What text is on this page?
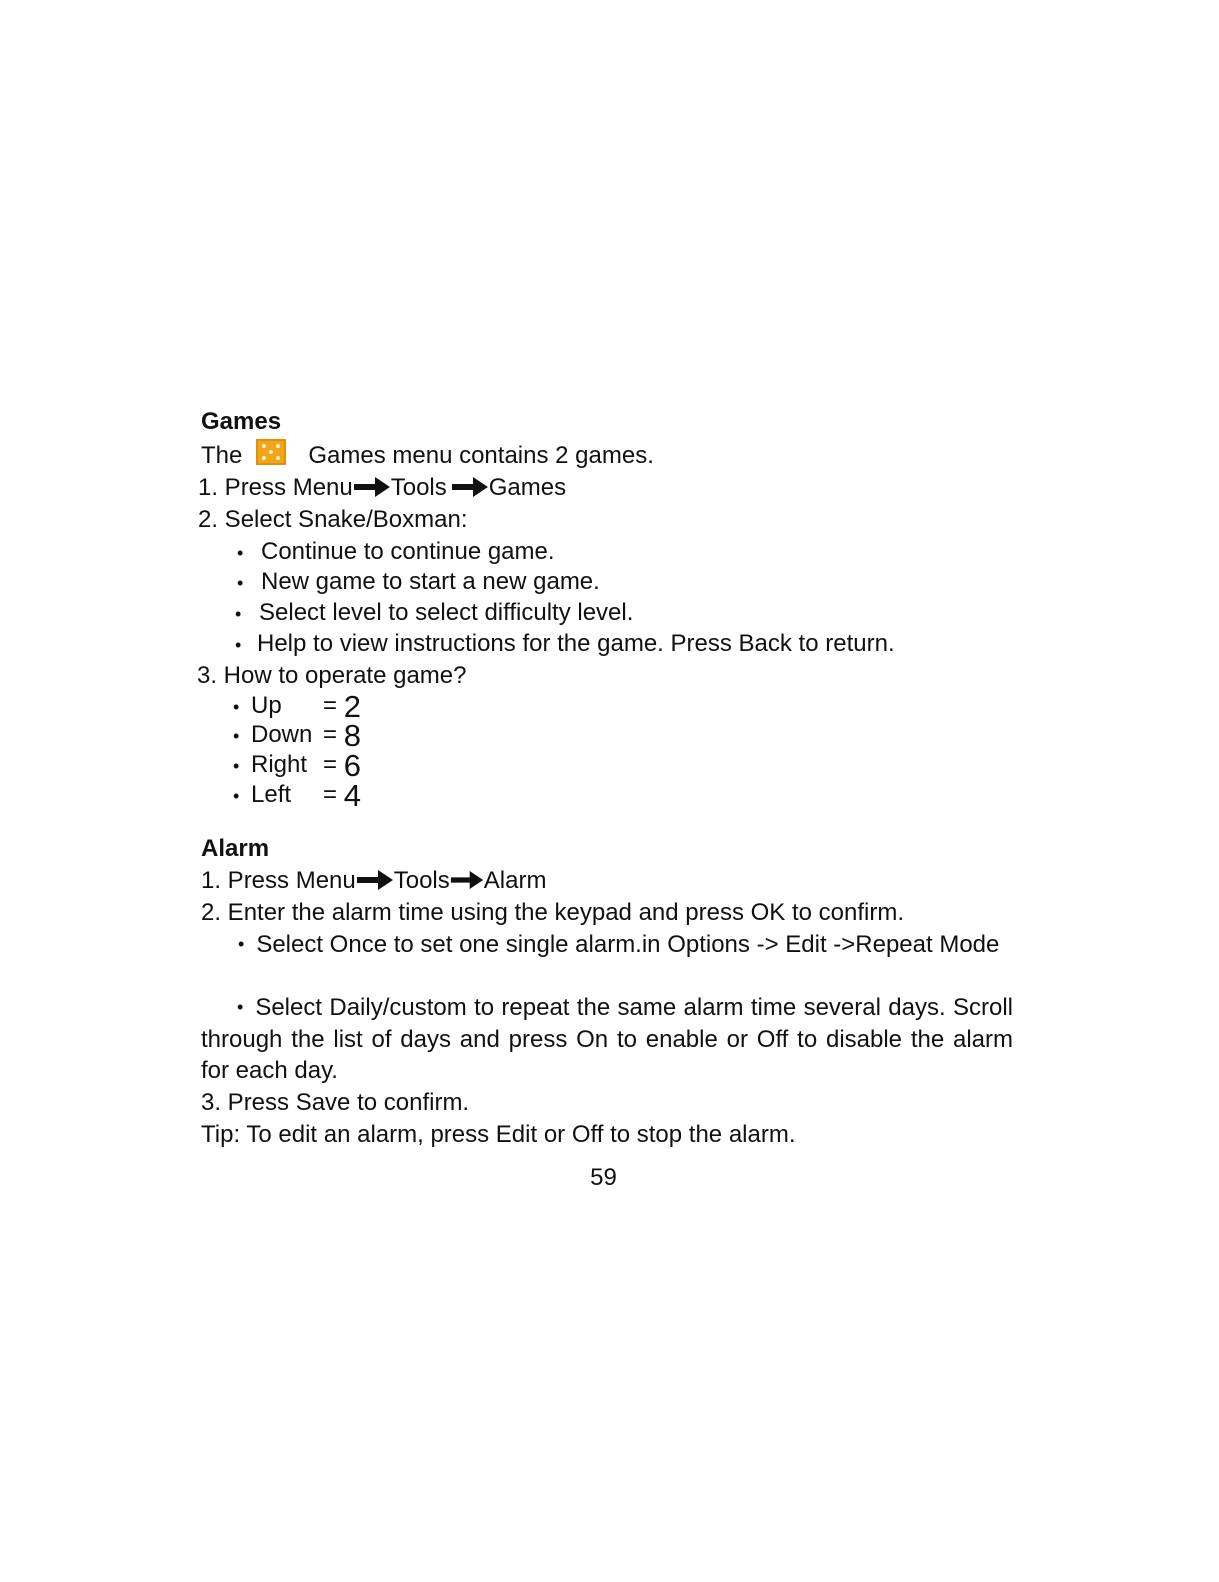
Games
The	Games menu contains 2 games.
1. Press Menu Tools Games
2. Select Snake/Boxman:
• Continue to continue game.
• New game to start a new game.
• Select level to select difficulty level.
• Help to view instructions for the game. Press Back to return.
3. How to operate game?
• Up = 2
• Down = 8
• Right = 6
• Left = 4
Alarm
1. Press Menu Tools Alarm
2. Enter the alarm time using the keypad and press OK to confirm.
• Select Once to set one single alarm.in Options -> Edit ->Repeat Mode
• Select Daily/custom to repeat the same alarm time several days. Scroll through the list of days and press On to enable or Off to disable the alarm for each day.
3. Press Save to confirm.
Tip: To edit an alarm, press Edit or Off to stop the alarm.
59
